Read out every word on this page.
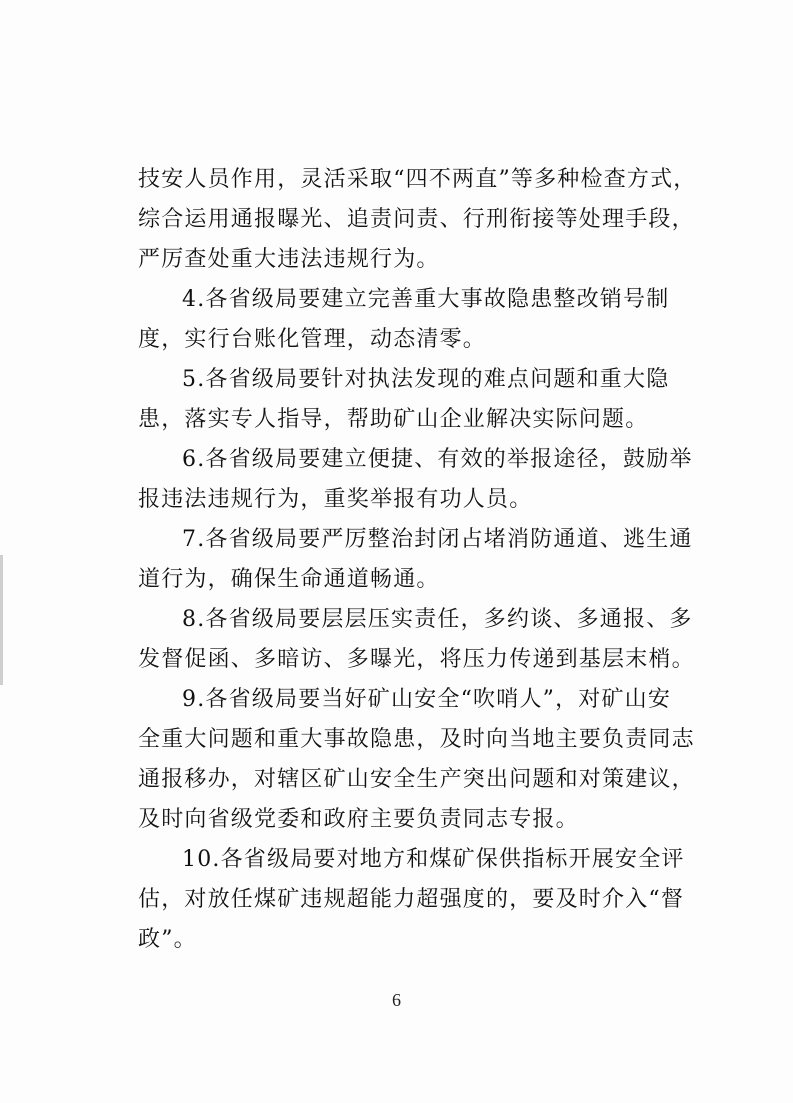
技安人员作用，灵活采取“四不两直”等多种检查方式，
综合运用通报曝光、追责问责、行刑衔接等处理手段，
严厉查处重大违法违规行为。
4.各省级局要建立完善重大事故隐患整改销号制
度，实行台账化管理，动态清零。
5.各省级局要针对执法发现的难点问题和重大隐
患，落实专人指导，帮助矿山企业解决实际问题。
6.各省级局要建立便捷、有效的举报途径，鼓励举
报违法违规行为，重奖举报有功人员。
7.各省级局要严厉整治封闭占堵消防通道、逃生通
道行为，确保生命通道畅通。
8.各省级局要层层压实责任，多约谈、多通报、多
发督促函、多暗访、多曝光，将压力传递到基层末梢。
9.各省级局要当好矿山安全“吹哨人”，对矿山安
全重大问题和重大事故隐患，及时向当地主要负责同志
通报移办，对辖区矿山安全生产突出问题和对策建议，
及时向省级党委和政府主要负责同志专报。
10.各省级局要对地方和煤矿保供指标开展安全评
估，对放任煤矿违规超能力超强度的，要及时介入“督
政”。
6
